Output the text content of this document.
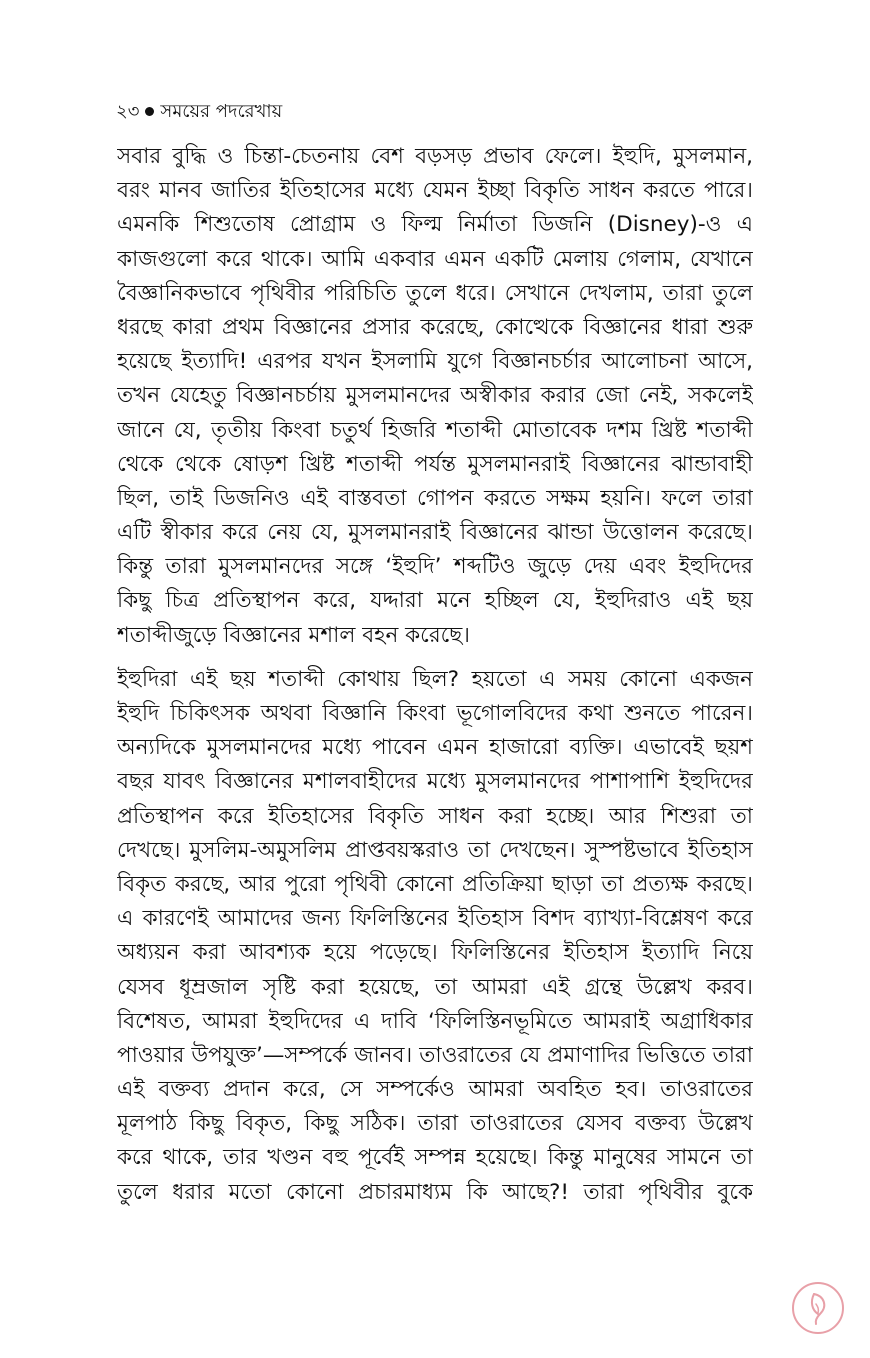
২৩ সময়ের পদরেখায়
সবার বুদ্ধি ও চিন্তা-চেতনায় বেশ বড়সড় প্রভাব ফেলে। ইহুদি, মুসলমান,
বরং মানব জাতির ইতিহাসের মধ্যে যেমন ইচ্ছা বিকৃতি সাধন করতে পারে।
এমনকি শিশুতোষ প্রোগ্রাম ও ফিল্ম নির্মাতা ডিজনি (Disney)-ও এ
কাজগুলো করে থাকে। আমি একবার এমন একটি মেলায় গেলাম, যেখানে
বৈজ্ঞানিকভাবে পৃথিবীর পরিচিতি তুলে ধরে। সেখানে দেখলাম, তারা তুলে
ধরছে কারা প্রথম বিজ্ঞানের প্রসার করেছে, কোত্থেকে বিজ্ঞানের ধারা শুরু
হয়েছে ইত্যাদি! এরপর যখন ইসলামি যুগে বিজ্ঞানচর্চার আলোচনা আসে,
তখন যেহেতু বিজ্ঞানচর্চায় মুসলমানদের অস্বীকার করার জো নেই, সকলেই
জানে যে, তৃতীয় কিংবা চতুর্থ হিজরি শতাব্দী মোতাবেক দশম খ্রিষ্ট শতাব্দী
থেকে থেকে ষোড়শ খ্রিষ্ট শতাব্দী পর্যন্ত মুসলমানরাই বিজ্ঞানের ঝান্ডাবাহী
ছিল, তাই ডিজনিও এই বাস্তবতা গোপন করতে সক্ষম হয়নি। ফলে তারা
এটি স্বীকার করে নেয় যে, মুসলমানরাই বিজ্ঞানের ঝান্ডা উত্তোলন করেছে।
কিন্তু তারা মুসলমানদের সঙ্গে ‘ইহুদি’ শব্দটিও জুড়ে দেয় এবং ইহুদিদের
কিছু চিত্র প্রতিস্থাপন করে, যদ্দারা মনে হচ্ছিল যে, ইহুদিরাও এই ছয়
শতাব্দীজুড়ে বিজ্ঞানের মশাল বহন করেছে।
ইহুদিরা এই ছয় শতাব্দী কোথায় ছিল? হয়তো এ সময় কোনো একজন
ইহুদি চিকিৎসক অথবা বিজ্ঞানি কিংবা ভূগোলবিদের কথা শুনতে পারেন।
অন্যদিকে মুসলমানদের মধ্যে পাবেন এমন হাজারো ব্যক্তি। এভাবেই ছয়শ
বছর যাবৎ বিজ্ঞানের মশালবাহীদের মধ্যে মুসলমানদের পাশাপাশি ইহুদিদের
প্রতিস্থাপন করে ইতিহাসের বিকৃতি সাধন করা হচ্ছে। আর শিশুরা তা
দেখছে। মুসলিম-অমুসলিম প্রাপ্তবয়স্করাও তা দেখছেন। সুস্পষ্টভাবে ইতিহাস
বিকৃত করছে, আর পুরো পৃথিবী কোনো প্রতিক্রিয়া ছাড়া তা প্রত্যক্ষ করছে।
এ কারণেই আমাদের জন্য ফিলিস্তিনের ইতিহাস বিশদ ব্যাখ্যা-বিশ্লেষণ করে
অধ্যয়ন করা আবশ্যক হয়ে পড়েছে। ফিলিস্তিনের ইতিহাস ইত্যাদি নিয়ে
যেসব ধূম্রজাল সৃষ্টি করা হয়েছে, তা আমরা এই গ্রন্থে উল্লেখ করব।
বিশেষত, আমরা ইহুদিদের এ দাবি ‘ফিলিস্তিনভূমিতে আমরাই অগ্রাধিকার
পাওয়ার উপযুক্ত’—সম্পর্কে জানব। তাওরাতের যে প্রমাণাদির ভিত্তিতে তারা
এই বক্তব্য প্রদান করে, সে সম্পর্কেও আমরা অবহিত হব। তাওরাতের
মূলপাঠ কিছু বিকৃত, কিছু সঠিক। তারা তাওরাতের যেসব বক্তব্য উল্লেখ
করে থাকে, তার খণ্ডন বহু পূর্বেই সম্পন্ন হয়েছে। কিন্তু মানুষের সামনে তা
তুলে ধরার মতো কোনো প্রচারমাধ্যম কি আছে?! তারা পৃথিবীর বুকে
